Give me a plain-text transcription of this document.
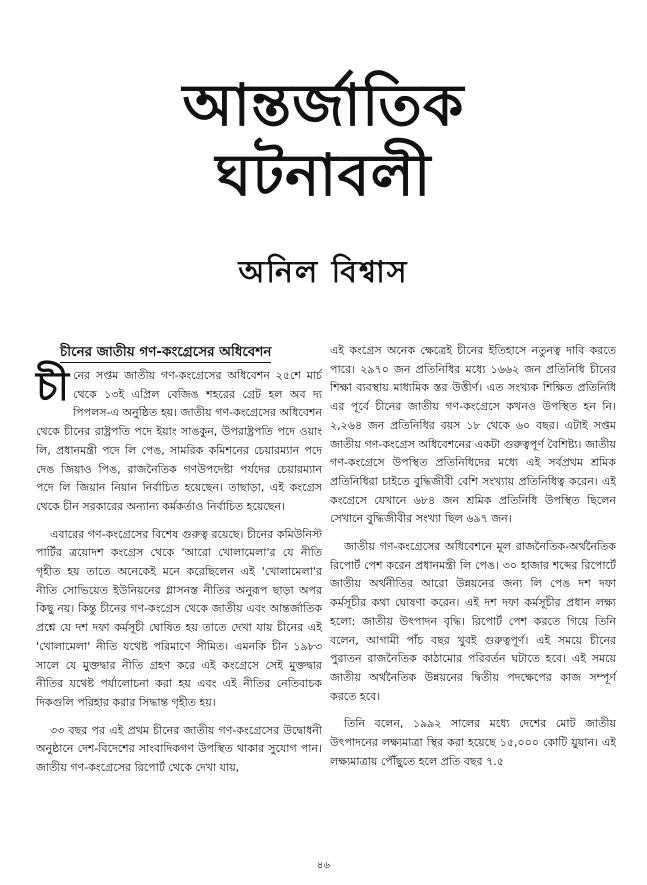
আন্তর্জাতিক
ঘটনাবলী
অনিল বিশ্বাস
চীনের জাতীয় গণ-কংগ্রেসের অধিবেশন

চীনের সপ্তম জাতীয় গণ-কংগ্রেসের অধিবেশন ২৫শে মার্চ থেকে ১৩ই এপ্রিল বেজিঙ শহরের গ্রেট হল অব দ্য পিপলস-এ অনুষ্ঠিত হয়। জাতীয় গণ-কংগ্রেসের অধিবেশন থেকে চীনের রাষ্ট্রপতি পদে ইয়াং সাঙকুন, উপরাষ্ট্রপতি পদে ওয়াং লি, প্রধানমন্ত্রী পদে লি পেঙ, সামরিক কমিশনের চেয়ারম্যান পদে দেঙ জিয়াও পিঙ, রাজনৈতিক গণউপদেষ্টা পর্যদের চেয়ারম্যান পদে লি জিয়ান নিয়ান নির্বাচিত হয়েছেন। তাছাড়া, এই কংগ্রেস থেকে চীন সরকারের অন্যান্য কর্মকর্তাও নির্বাচিত হয়েছেন।

এবারের গণ-কংগ্রেসের বিশেষ গুরুত্ব রয়েছে। চীনের কমিউনিস্ট পার্টির ত্রয়োদশ কংগ্রেস থেকে 'আরো খোলামেলা'র যে নীতি গৃহীত হয় তাতে অনেকেই মনে করেছিলেন এই 'খোলামেলা'র নীতি সোভিয়েত ইউনিয়নের গ্লাসনস্ত নীতির অনুরূপ ছাড়া অপর কিছু নয়। কিন্তু চীনের গণ-কংগ্রেস থেকে জাতীয় এবং আন্তর্জাতিক প্রশ্নে যে দশ দফা কর্মসূচী ঘোষিত হয় তাতে দেখা যায় চীনের এই 'খোলামেলা' নীতি যথেষ্ট পরিমাণে সীমিত। এমনকি চীন ১৯৮৩ সালে যে মুক্তদ্বার নীতি গ্রহণ করে এই কংগ্রেসে সেই মুক্তদ্বার নীতির যথেষ্ট পর্যালোচনা করা হয় এবং এই নীতির নেতিবাচক দিকগুলি পরিহার করার সিদ্ধান্ত গৃহীত হয়।

৩৩ বছর পর এই প্রথম চীনের জাতীয় গণ-কংগ্রেসের উদ্বোধনী অনুষ্ঠানে দেশ-বিদেশের সাংবাদিকগণ উপস্থিত থাকার সুযোগ পান। জাতীয় গণ-কংগ্রেসের রিপোর্ট থেকে দেখা যায়,

এই কংগ্রেস অনেক ক্ষেত্রেই চীনের ইতিহাসে নতুনত্ব দাবি করতে পারে। ২৯৭০ জন প্রতিনিধির মধ্যে ১৬৬২ জন প্রতিনিধি চীনের শিক্ষা ব্যবস্থায় মাধ্যমিক স্তর উত্তীর্ণ। এত সংখ্যক শিক্ষিত প্রতিনিধি এর পূর্বে চীনের জাতীয় গণ-কংগ্রেসে কখনও উপস্থিত হন নি। ২,২৬৪ জন প্রতিনিধির বয়স ১৮ থেকে ৬০ বছর। এটাই সপ্তম জাতীয় গণ-কংগ্রেস অধিবেশনের একটা গুরুত্বপূর্ণ বৈশিষ্ট্য। জাতীয় গণ-কংগ্রেসে উপস্থিত প্রতিনিধিদের মধ্যে এই সর্বপ্রথম শ্রমিক প্রতিনিধিরা চাইতে বুদ্ধিজীবী বেশি সংখ্যায় প্রতিনিধিত্ব করেন। এই কংগ্রেসে যেখানে ৬৮৪ জন শ্রমিক প্রতিনিধি উপস্থিত ছিলেন সেখানে বুদ্ধিজীবীর সংখ্যা ছিল ৬৯৭ জন।

জাতীয় গণ-কংগ্রেসের অধিবেশনে মূল রাজনৈতিক-অর্থনৈতিক রিপোর্ট পেশ করেন প্রধানমন্ত্রী লি পেঙ। ৩০ হাজার শব্দের রিপোর্টে জাতীয় অর্থনীতির আরো উন্নয়নের জন্য লি পেঙ দশ দফা কর্মসূচীর কথা ঘোষণা করেন। এই দশ দফা কর্মসূচীর প্রধান লক্ষ্য হলো: জাতীয় উৎপাদন বৃদ্ধি। রিপোর্ট পেশ করতে গিয়ে তিনি বলেন, আগামী পাঁচ বছর খুবই গুরুত্বপূর্ণ। এই সময়ে চীনের পুরাতন রাজনৈতিক কাঠামোর পরিবর্তন ঘটাতে হবে। এই সময়ে জাতীয় অর্থনৈতিক উন্নয়নের দ্বিতীয় পদক্ষেপের কাজ সম্পূর্ণ করতে হবে।

তিনি বলেন, ১৯৯২ সালের মধ্যে দেশের মোট জাতীয় উৎপাদনের লক্ষ্যমাত্রা স্থির করা হয়েছে ১৫,০০০ কোটি য়ুয়ান। এই লক্ষ্যমাত্রায় পৌঁছুতে হলে প্রতি বছর ৭.৫

৪৬
